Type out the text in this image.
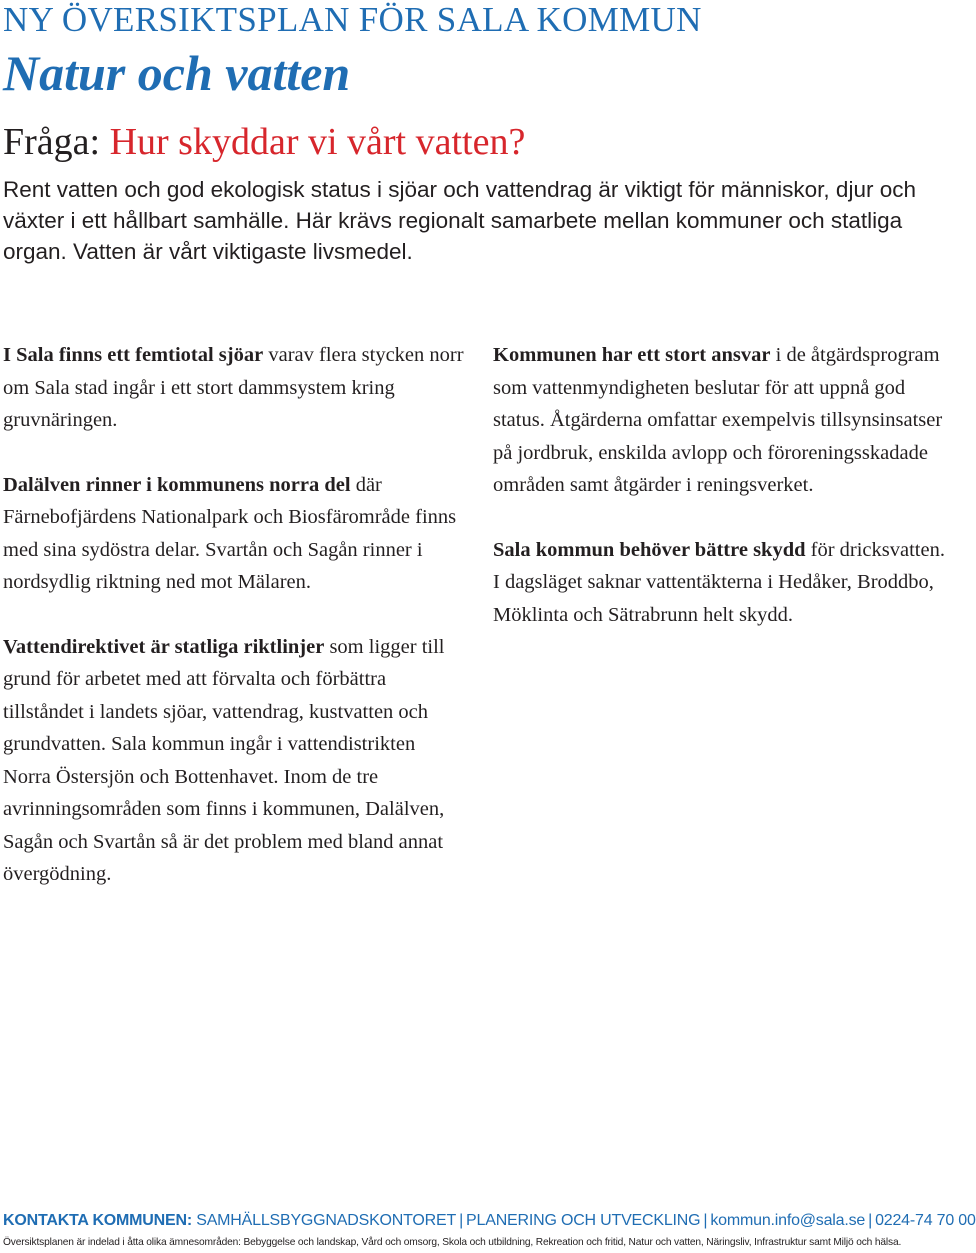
NY ÖVERSIKTSPLAN FÖR SALA KOMMUN
Natur och vatten
Fråga: Hur skyddar vi vårt vatten?
Rent vatten och god ekologisk status i sjöar och vattendrag är viktigt för människor, djur och växter i ett hållbart samhälle. Här krävs regionalt samarbete mellan kommuner och statliga organ. Vatten är vårt viktigaste livsmedel.

I Sala finns ett femtiotal sjöar varav flera stycken norr om Sala stad ingår i ett stort dammsystem kring gruvnäringen.

Dalälven rinner i kommunens norra del där Färnebofjärdens Nationalpark och Biosfärområde finns med sina sydöstra delar. Svartån och Sagån rinner i nordsydlig riktning ned mot Mälaren.

Vattendirektivet är statliga riktlinjer som ligger till grund för arbetet med att förvalta och förbättra tillståndet i landets sjöar, vattendrag, kustvatten och grundvatten. Sala kommun ingår i vattendistrikten Norra Östersjön och Bottenhavet. Inom de tre avrinningsområden som finns i kommunen, Dalälven, Sagån och Svartån så är det problem med bland annat övergödning.

Kommunen har ett stort ansvar i de åtgärdsprogram som vattenmyndigheten beslutar för att uppnå god status. Åtgärderna omfattar exempelvis tillsynsinsatser på jordbruk, enskilda avlopp och föroreningsskadade områden samt åtgärder i reningsverket.

Sala kommun behöver bättre skydd för dricksvatten. I dagsläget saknar vattentäkterna i Hedåker, Broddbo, Möklinta och Sätrabrunn helt skydd.

KONTAKTA KOMMUNEN: SAMHÄLLSBYGGNADSKONTORET | PLANERING OCH UTVECKLING | kommun.info@sala.se | 0224-74 70 00
Översiktsplanen är indelad i åtta olika ämnesområden: Bebyggelse och landskap, Vård och omsorg, Skola och utbildning, Rekreation och fritid, Natur och vatten, Näringsliv, Infrastruktur samt Miljö och hälsa.
